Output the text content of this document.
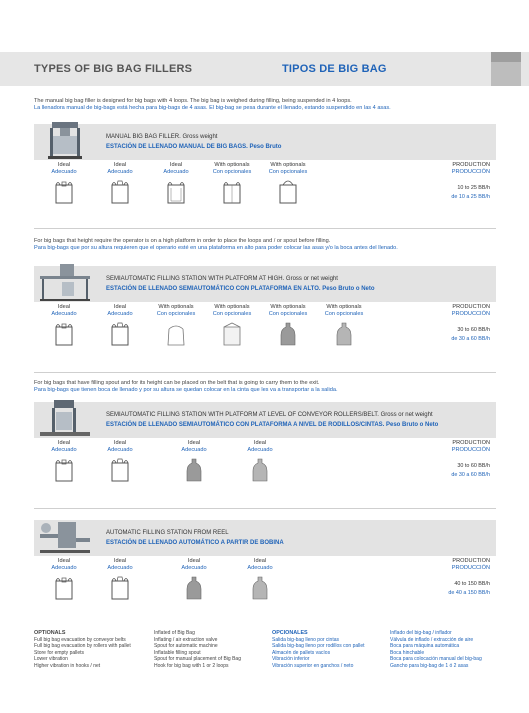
TYPES OF BIG BAG FILLERS	TIPOS DE BIG BAG
The manual big bag filler is designed for big bags with 4 loops. The big bag is weighed during filling, being suspended in 4 loops.
La llenadora manual de big-bags está hecha para big-bags de 4 asas. El big-bag se pesa durante el llenado, estando suspendido en las 4 asas.
MANUAL BIG BAG FILLER. Gross weight
ESTACIÓN DE LLENADO MANUAL DE BIG BAGS. Peso Bruto
Ideal
Adecuado
Ideal
Adecuado
Ideal
Adecuado
With optionals
Con opcionales
With optionals
Con opcionales
PRODUCTION
PRODUCCIÓN
10 to 25 BB/h
de 10 a 25 BB/h
For big bags that height require the operator is on a high platform in order to place the loops and / or spout before filling.
Para big-bags que por su altura requieren que el operario esté en una plataforma en alto para poder colocar las asas y/o la boca antes del llenado.
SEMIAUTOMATIC FILLING STATION WITH PLATFORM AT HIGH. Gross or net weight
ESTACIÓN DE LLENADO SEMIAUTOMÁTICO CON PLATAFORMA EN ALTO. Peso Bruto o Neto
Ideal
Adecuado
Ideal
Adecuado
With optionals
Con opcionales
With optionals
Con opcionales
With optionals
Con opcionales
With optionals
Con opcionales
PRODUCTION
PRODUCCIÓN
30 to 60 BB/h
de 30 a 60 BB/h
For big bags that have filling spout and for its height can be placed on the belt that is going to carry them to the exit.
Para big-bags que tienen boca de llenado y por su altura se quedan colocar en la cinta que les va a transportar a la salida.
SEMIAUTOMATIC FILLING STATION WITH PLATFORM AT LEVEL OF CONVEYOR ROLLERS/BELT. Gross or net weight
ESTACIÓN DE LLENADO SEMIAUTOMÁTICO CON PLATAFORMA A NIVEL DE RODILLOS/CINTAS. Peso Bruto o Neto
Ideal
Adecuado
Ideal
Adecuado
Ideal
Adecuado
Ideal
Adecuado
PRODUCTION
PRODUCCIÓN
30 to 60 BB/h
de 30 a 60 BB/h
AUTOMATIC FILLING STATION FROM REEL
ESTACIÓN DE LLENADO AUTOMÁTICO A PARTIR DE BOBINA
Ideal
Adecuado
Ideal
Adecuado
Ideal
Adecuado
Ideal
Adecuado
PRODUCTION
PRODUCCIÓN
40 to 150 BB/h
de 40 a 150 BB/h
OPTIONALS
Full big bag evacuation by conveyor belts
Full big bag evacuation by rollers with pallet
Store for empty pallets
Lower vibration
Higher vibration in hooks / net
Inflated of Big Bag
Inflating / air extraction valve
Spout for automatic machine
Inflatable filling spout
Spout for manual placement of Big Bag
Hook for big bag with 1 or 2 loops
OPCIONALES
Salida big-bag lleno por cintas
Salida big-bag lleno por rodillos con pallet
Almacén de pallets vacíos
Vibración inferior
Vibración superior en ganchos / neto
Inflado del big-bag / inflador
Válvula de inflado / extracción de aire
Boca para máquina automática
Boca hinchable
Boca para colocación manual del big-bag
Gancho para big-bag de 1 ó 2 asas
